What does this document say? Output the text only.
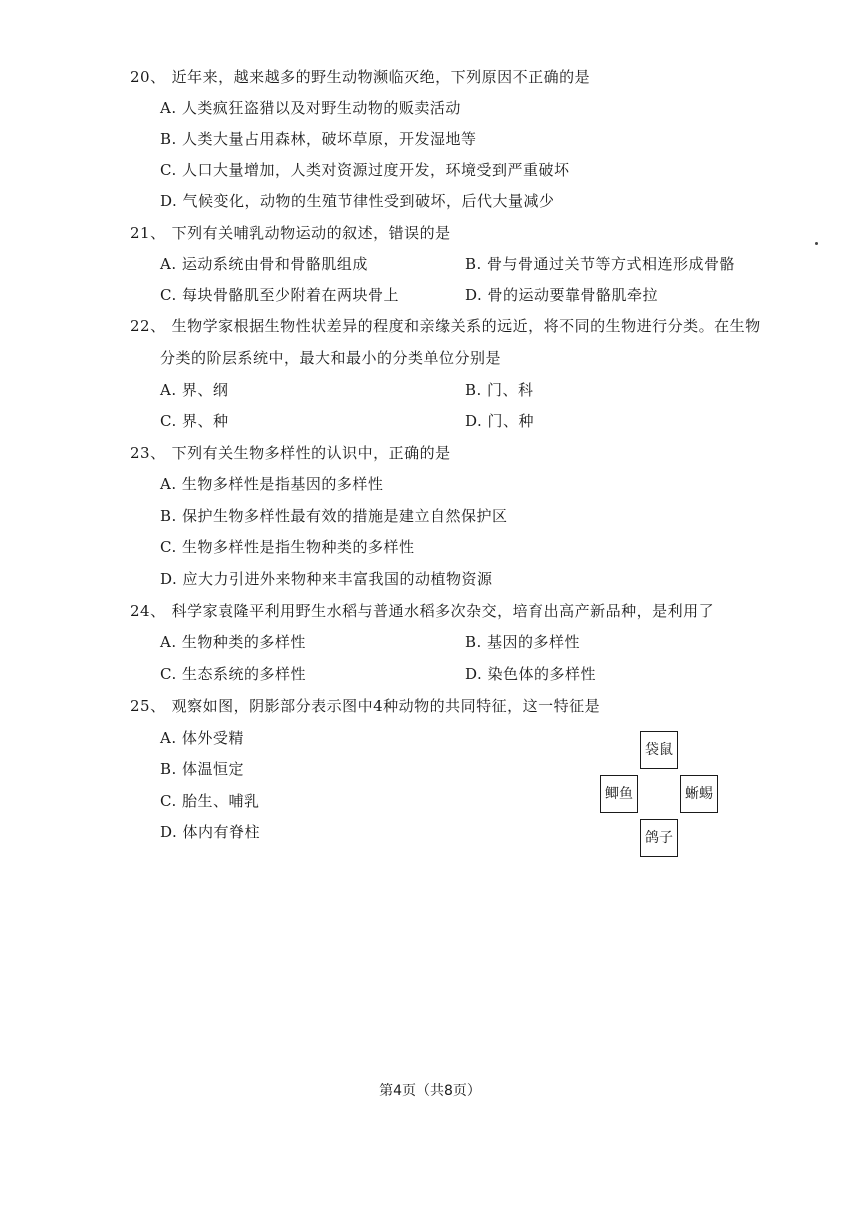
20、 近年来，越来越多的野生动物濒临灭绝，下列原因不正确的是
A. 人类疯狂盗猎以及对野生动物的贩卖活动
B. 人类大量占用森林，破坏草原，开发湿地等
C. 人口大量增加，人类对资源过度开发，环境受到严重破坏
D. 气候变化，动物的生殖节律性受到破坏，后代大量减少
21、 下列有关哺乳动物运动的叙述，错误的是
A. 运动系统由骨和骨骼肌组成	B. 骨与骨通过关节等方式相连形成骨骼
C. 每块骨骼肌至少附着在两块骨上	D. 骨的运动要靠骨骼肌牵拉
22、 生物学家根据生物性状差异的程度和亲缘关系的远近，将不同的生物进行分类。在生物
分类的阶层系统中，最大和最小的分类单位分别是
A. 界、纲	B. 门、科
C. 界、种	D. 门、种
23、 下列有关生物多样性的认识中，正确的是
A. 生物多样性是指基因的多样性
B. 保护生物多样性最有效的措施是建立自然保护区
C. 生物多样性是指生物种类的多样性
D. 应大力引进外来物种来丰富我国的动植物资源
24、 科学家袁隆平利用野生水稻与普通水稻多次杂交，培育出高产新品种，是利用了
A. 生物种类的多样性	B. 基因的多样性
C. 生态系统的多样性	D. 染色体的多样性
25、 观察如图，阴影部分表示图中4种动物的共同特征，这一特征是
A. 体外受精
B. 体温恒定
C. 胎生、哺乳
D. 体内有脊柱
袋鼠
鲫鱼	蜥蜴
鸽子
第4页（共8页）
